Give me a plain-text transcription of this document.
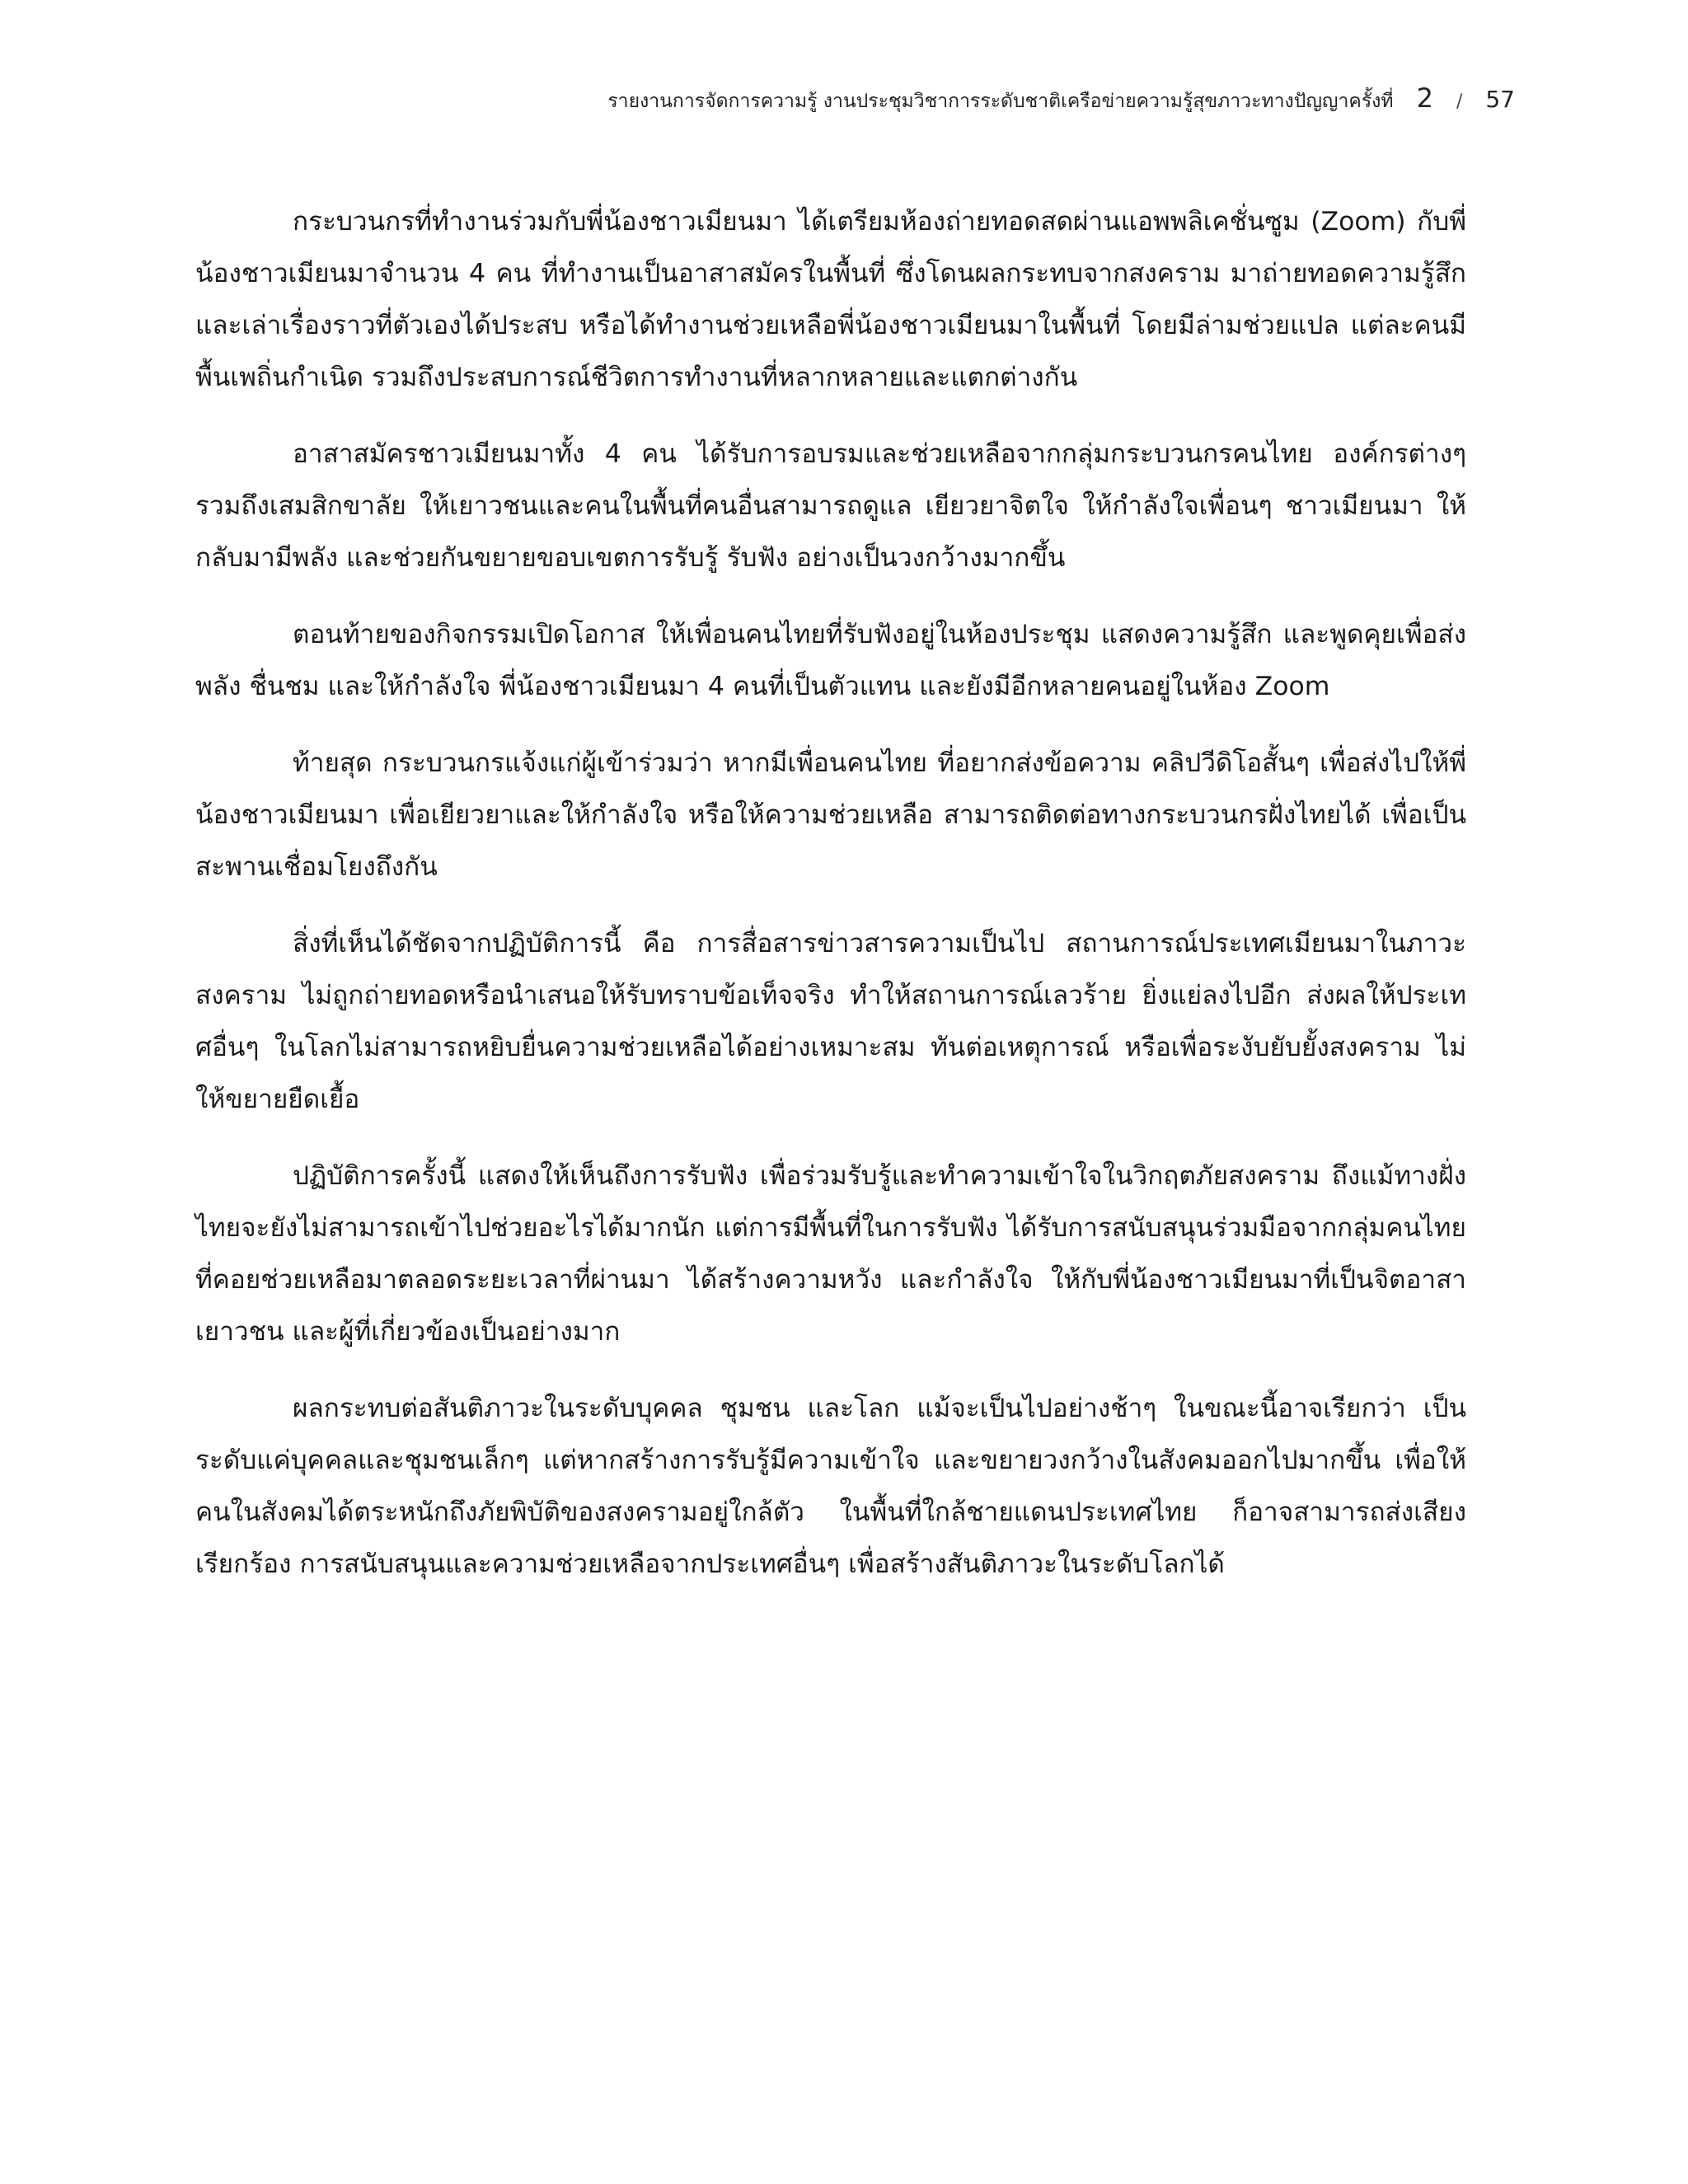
รายงานการจัดการความรู้ งานประชุมวิชาการระดับชาติเครือข่ายความรู้สุขภาวะทางปัญญาครั้งที่ 2 / 57

กระบวนกรที่ทำงานร่วมกับพี่น้องชาวเมียนมา ได้เตรียมห้องถ่ายทอดสดผ่านแอพพลิเคชั่นซูม (Zoom) กับพี่น้องชาวเมียนมาจำนวน 4 คน ที่ทำงานเป็นอาสาสมัครในพื้นที่ ซึ่งโดนผลกระทบจากสงคราม มาถ่ายทอดความรู้สึก และเล่าเรื่องราวที่ตัวเองได้ประสบ หรือได้ทำงานช่วยเหลือพี่น้องชาวเมียนมาในพื้นที่ โดยมีล่ามช่วยแปล แต่ละคนมีพื้นเพถิ่นกำเนิด รวมถึงประสบการณ์ชีวิตการทำงานที่หลากหลายและแตกต่างกัน

อาสาสมัครชาวเมียนมาทั้ง 4 คน ได้รับการอบรมและช่วยเหลือจากกลุ่มกระบวนกรคนไทย องค์กรต่างๆ รวมถึงเสมสิกขาลัย ให้เยาวชนและคนในพื้นที่คนอื่นสามารถดูแล เยียวยาจิตใจ ให้กำลังใจเพื่อนๆ ชาวเมียนมา ให้กลับมามีพลัง และช่วยกันขยายขอบเขตการรับรู้ รับฟัง อย่างเป็นวงกว้างมากขึ้น

ตอนท้ายของกิจกรรมเปิดโอกาส ให้เพื่อนคนไทยที่รับฟังอยู่ในห้องประชุม แสดงความรู้สึก และพูดคุยเพื่อส่งพลัง ชื่นชม และให้กำลังใจ พี่น้องชาวเมียนมา 4 คนที่เป็นตัวแทน และยังมีอีกหลายคนอยู่ในห้อง Zoom

ท้ายสุด กระบวนกรแจ้งแก่ผู้เข้าร่วมว่า หากมีเพื่อนคนไทย ที่อยากส่งข้อความ คลิปวีดิโอสั้นๆ เพื่อส่งไปให้พี่น้องชาวเมียนมา เพื่อเยียวยาและให้กำลังใจ หรือให้ความช่วยเหลือ สามารถติดต่อทางกระบวนกรฝั่งไทยได้ เพื่อเป็นสะพานเชื่อมโยงถึงกัน

สิ่งที่เห็นได้ชัดจากปฏิบัติการนี้ คือ การสื่อสารข่าวสารความเป็นไป สถานการณ์ประเทศเมียนมาในภาวะสงคราม ไม่ถูกถ่ายทอดหรือนำเสนอให้รับทราบข้อเท็จจริง ทำให้สถานการณ์เลวร้าย ยิ่งแย่ลงไปอีก ส่งผลให้ประเทศอื่นๆ ในโลกไม่สามารถหยิบยื่นความช่วยเหลือได้อย่างเหมาะสม ทันต่อเหตุการณ์ หรือเพื่อระงับยับยั้งสงคราม ไม่ให้ขยายยืดเยื้อ

ปฏิบัติการครั้งนี้ แสดงให้เห็นถึงการรับฟัง เพื่อร่วมรับรู้และทำความเข้าใจในวิกฤตภัยสงคราม ถึงแม้ทางฝั่งไทยจะยังไม่สามารถเข้าไปช่วยอะไรได้มากนัก แต่การมีพื้นที่ในการรับฟัง ได้รับการสนับสนุนร่วมมือจากกลุ่มคนไทย ที่คอยช่วยเหลือมาตลอดระยะเวลาที่ผ่านมา ได้สร้างความหวัง และกำลังใจ ให้กับพี่น้องชาวเมียนมาที่เป็นจิตอาสา เยาวชน และผู้ที่เกี่ยวข้องเป็นอย่างมาก

ผลกระทบต่อสันติภาวะในระดับบุคคล ชุมชน และโลก แม้จะเป็นไปอย่างช้าๆ ในขณะนี้อาจเรียกว่า เป็นระดับแค่บุคคลและชุมชนเล็กๆ แต่หากสร้างการรับรู้มีความเข้าใจ และขยายวงกว้างในสังคมออกไปมากขึ้น เพื่อให้คนในสังคมได้ตระหนักถึงภัยพิบัติของสงครามอยู่ใกล้ตัว ในพื้นที่ใกล้ชายแดนประเทศไทย ก็อาจสามารถส่งเสียงเรียกร้อง การสนับสนุนและความช่วยเหลือจากประเทศอื่นๆ เพื่อสร้างสันติภาวะในระดับโลกได้
